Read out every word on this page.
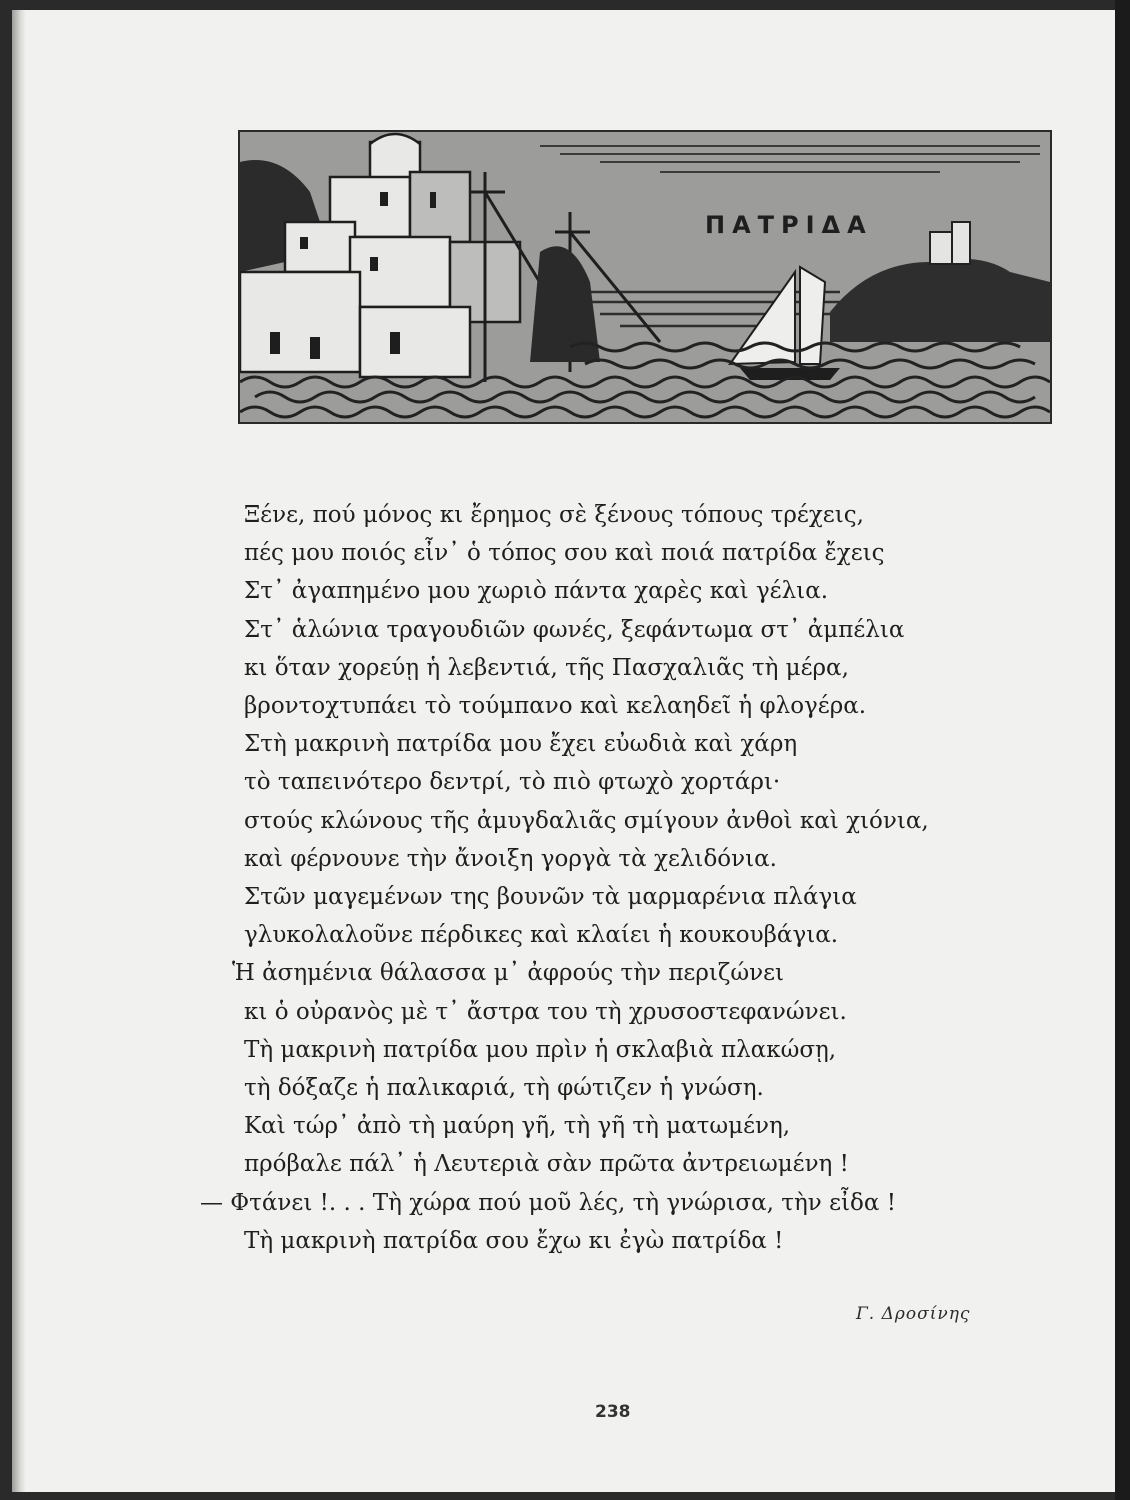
ΠΑΤΡΙΔΑ
Ξένε, πού μόνος κι ἔρημος σὲ ξένους τόπους τρέχεις,
πές μου ποιός εἶν᾽ ὁ τόπος σου καὶ ποιά πατρίδα ἔχεις
Στ᾽ ἀγαπημένο μου χωριὸ πάντα χαρὲς καὶ γέλια.
Στ᾽ ἁλώνια τραγουδιῶν φωνές, ξεφάντωμα στ᾽ ἀμπέλια
κι ὅταν χορεύῃ ἡ λεβεντιά, τῆς Πασχαλιᾶς τὴ μέρα,
βροντοχτυπάει τὸ τούμπανο καὶ κελαηδεῖ ἡ φλογέρα.
Στὴ μακρινὴ πατρίδα μου ἔχει εὐωδιὰ καὶ χάρη
τὸ ταπεινότερο δεντρί, τὸ πιὸ φτωχὸ χορτάρι·
στούς κλώνους τῆς ἀμυγδαλιᾶς σμίγουν ἀνθοὶ καὶ χιόνια,
καὶ φέρνουνε τὴν ἄνοιξη γοργὰ τὰ χελιδόνια.
Στῶν μαγεμένων της βουνῶν τὰ μαρμαρένια πλάγια
γλυκολαλοῦνε πέρδικες καὶ κλαίει ἡ κουκουβάγια.
Ἡ ἀσημένια θάλασσα μ᾽ ἀφρούς τὴν περιζώνει
κι ὁ οὐρανὸς μὲ τ᾽ ἄστρα του τὴ χρυσοστεφανώνει.
Τὴ μακρινὴ πατρίδα μου πρὶν ἡ σκλαβιὰ πλακώσῃ,
τὴ δόξαζε ἡ παλικαριά, τὴ φώτιζεν ἡ γνώση.
Καὶ τώρ᾽ ἀπὸ τὴ μαύρη γῆ, τὴ γῆ τὴ ματωμένη,
πρόβαλε πάλ᾽ ἡ Λευτεριὰ σὰν πρῶτα ἀντρειωμένη !
— Φτάνει !. . . Τὴ χώρα πού μοῦ λές, τὴ γνώρισα, τὴν εἶδα !
Τὴ μακρινὴ πατρίδα σου ἔχω κι ἐγὼ πατρίδα !
Γ. Δροσίνης
238
